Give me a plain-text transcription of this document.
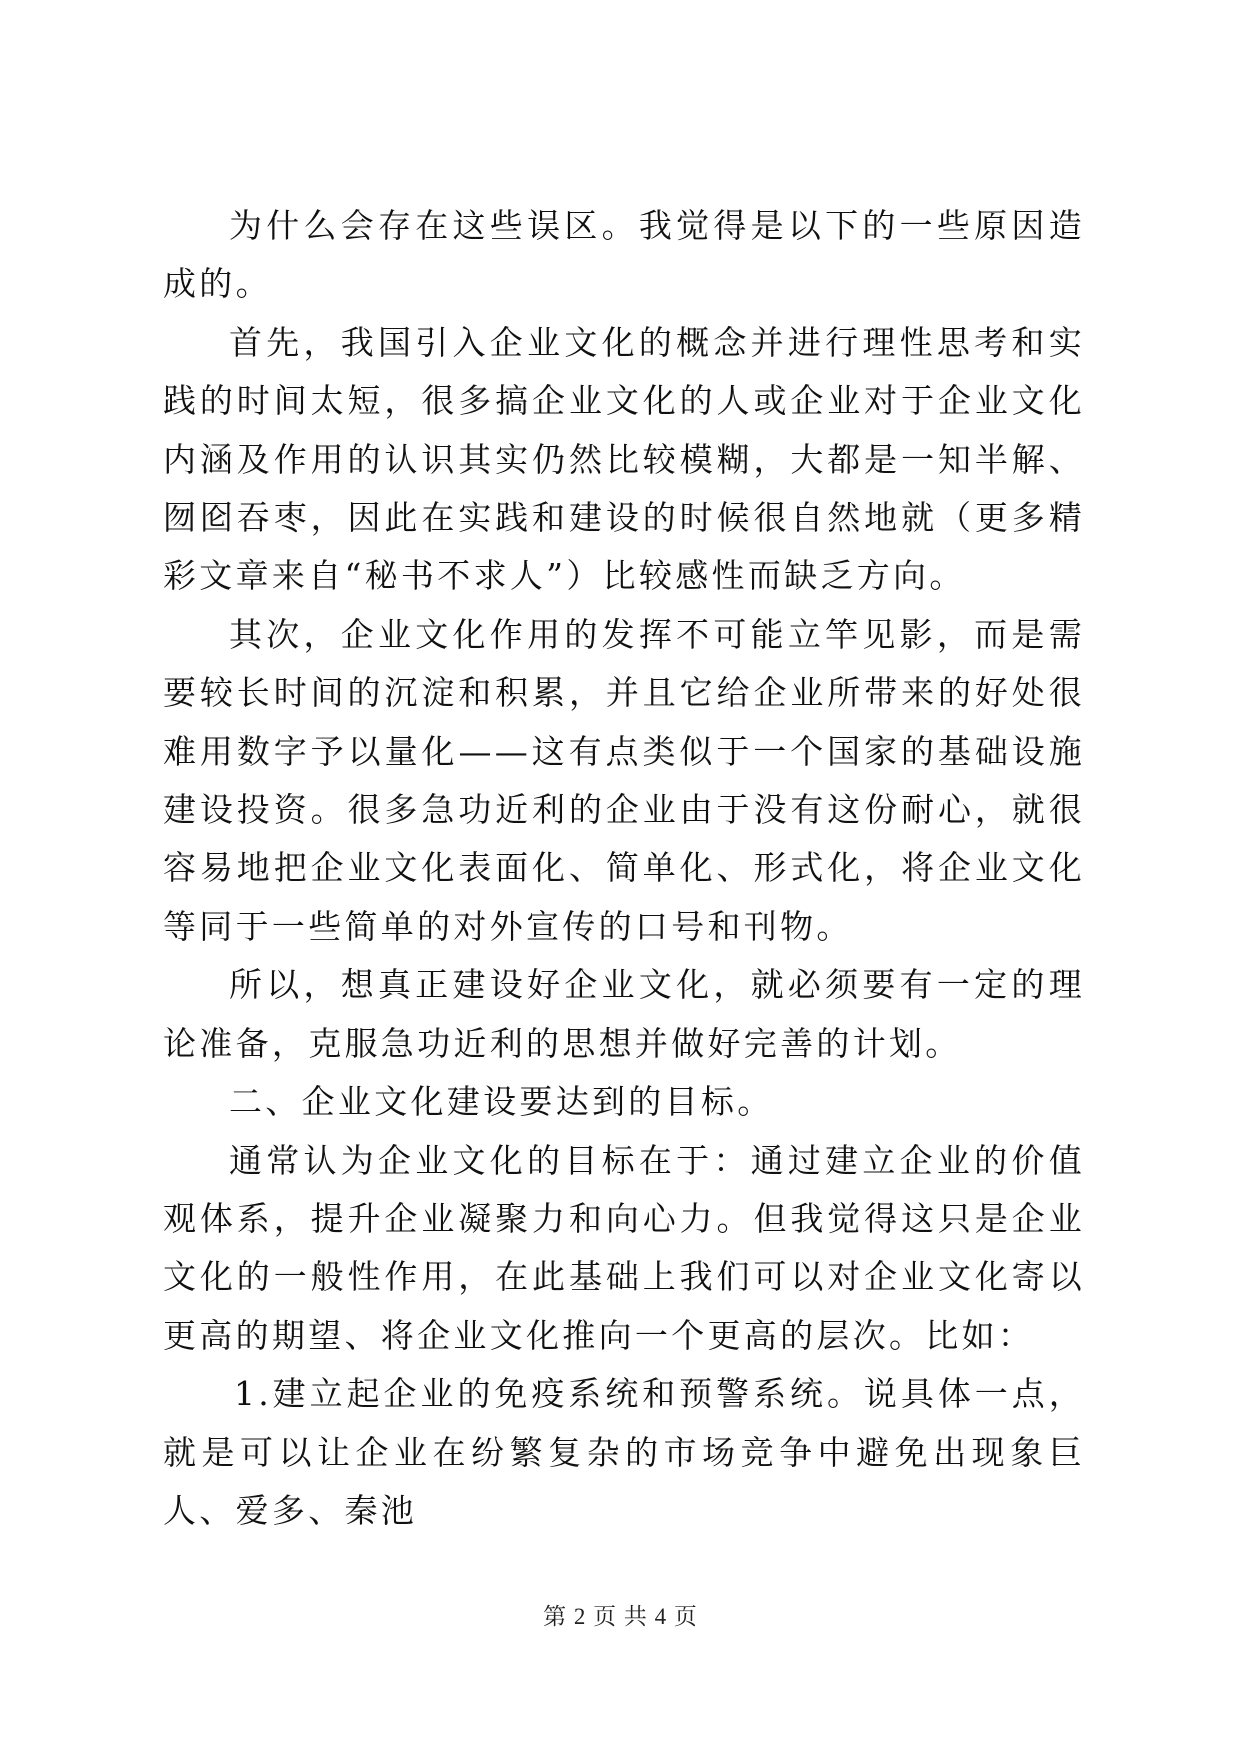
为什么会存在这些误区。我觉得是以下的一些原因造成的。

首先，我国引入企业文化的概念并进行理性思考和实践的时间太短，很多搞企业文化的人或企业对于企业文化内涵及作用的认识其实仍然比较模糊，大都是一知半解、囫囵吞枣，因此在实践和建设的时候很自然地就（更多精彩文章来自“秘书不求人”）比较感性而缺乏方向。

其次，企业文化作用的发挥不可能立竿见影，而是需要较长时间的沉淀和积累，并且它给企业所带来的好处很难用数字予以量化——这有点类似于一个国家的基础设施建设投资。很多急功近利的企业由于没有这份耐心，就很容易地把企业文化表面化、简单化、形式化，将企业文化等同于一些简单的对外宣传的口号和刊物。

所以，想真正建设好企业文化，就必须要有一定的理论准备，克服急功近利的思想并做好完善的计划。

二、企业文化建设要达到的目标。

通常认为企业文化的目标在于：通过建立企业的价值观体系，提升企业凝聚力和向心力。但我觉得这只是企业文化的一般性作用，在此基础上我们可以对企业文化寄以更高的期望、将企业文化推向一个更高的层次。比如：

1.建立起企业的免疫系统和预警系统。说具体一点，就是可以让企业在纷繁复杂的市场竞争中避免出现象巨人、爱多、秦池

第 2 页 共 4 页
